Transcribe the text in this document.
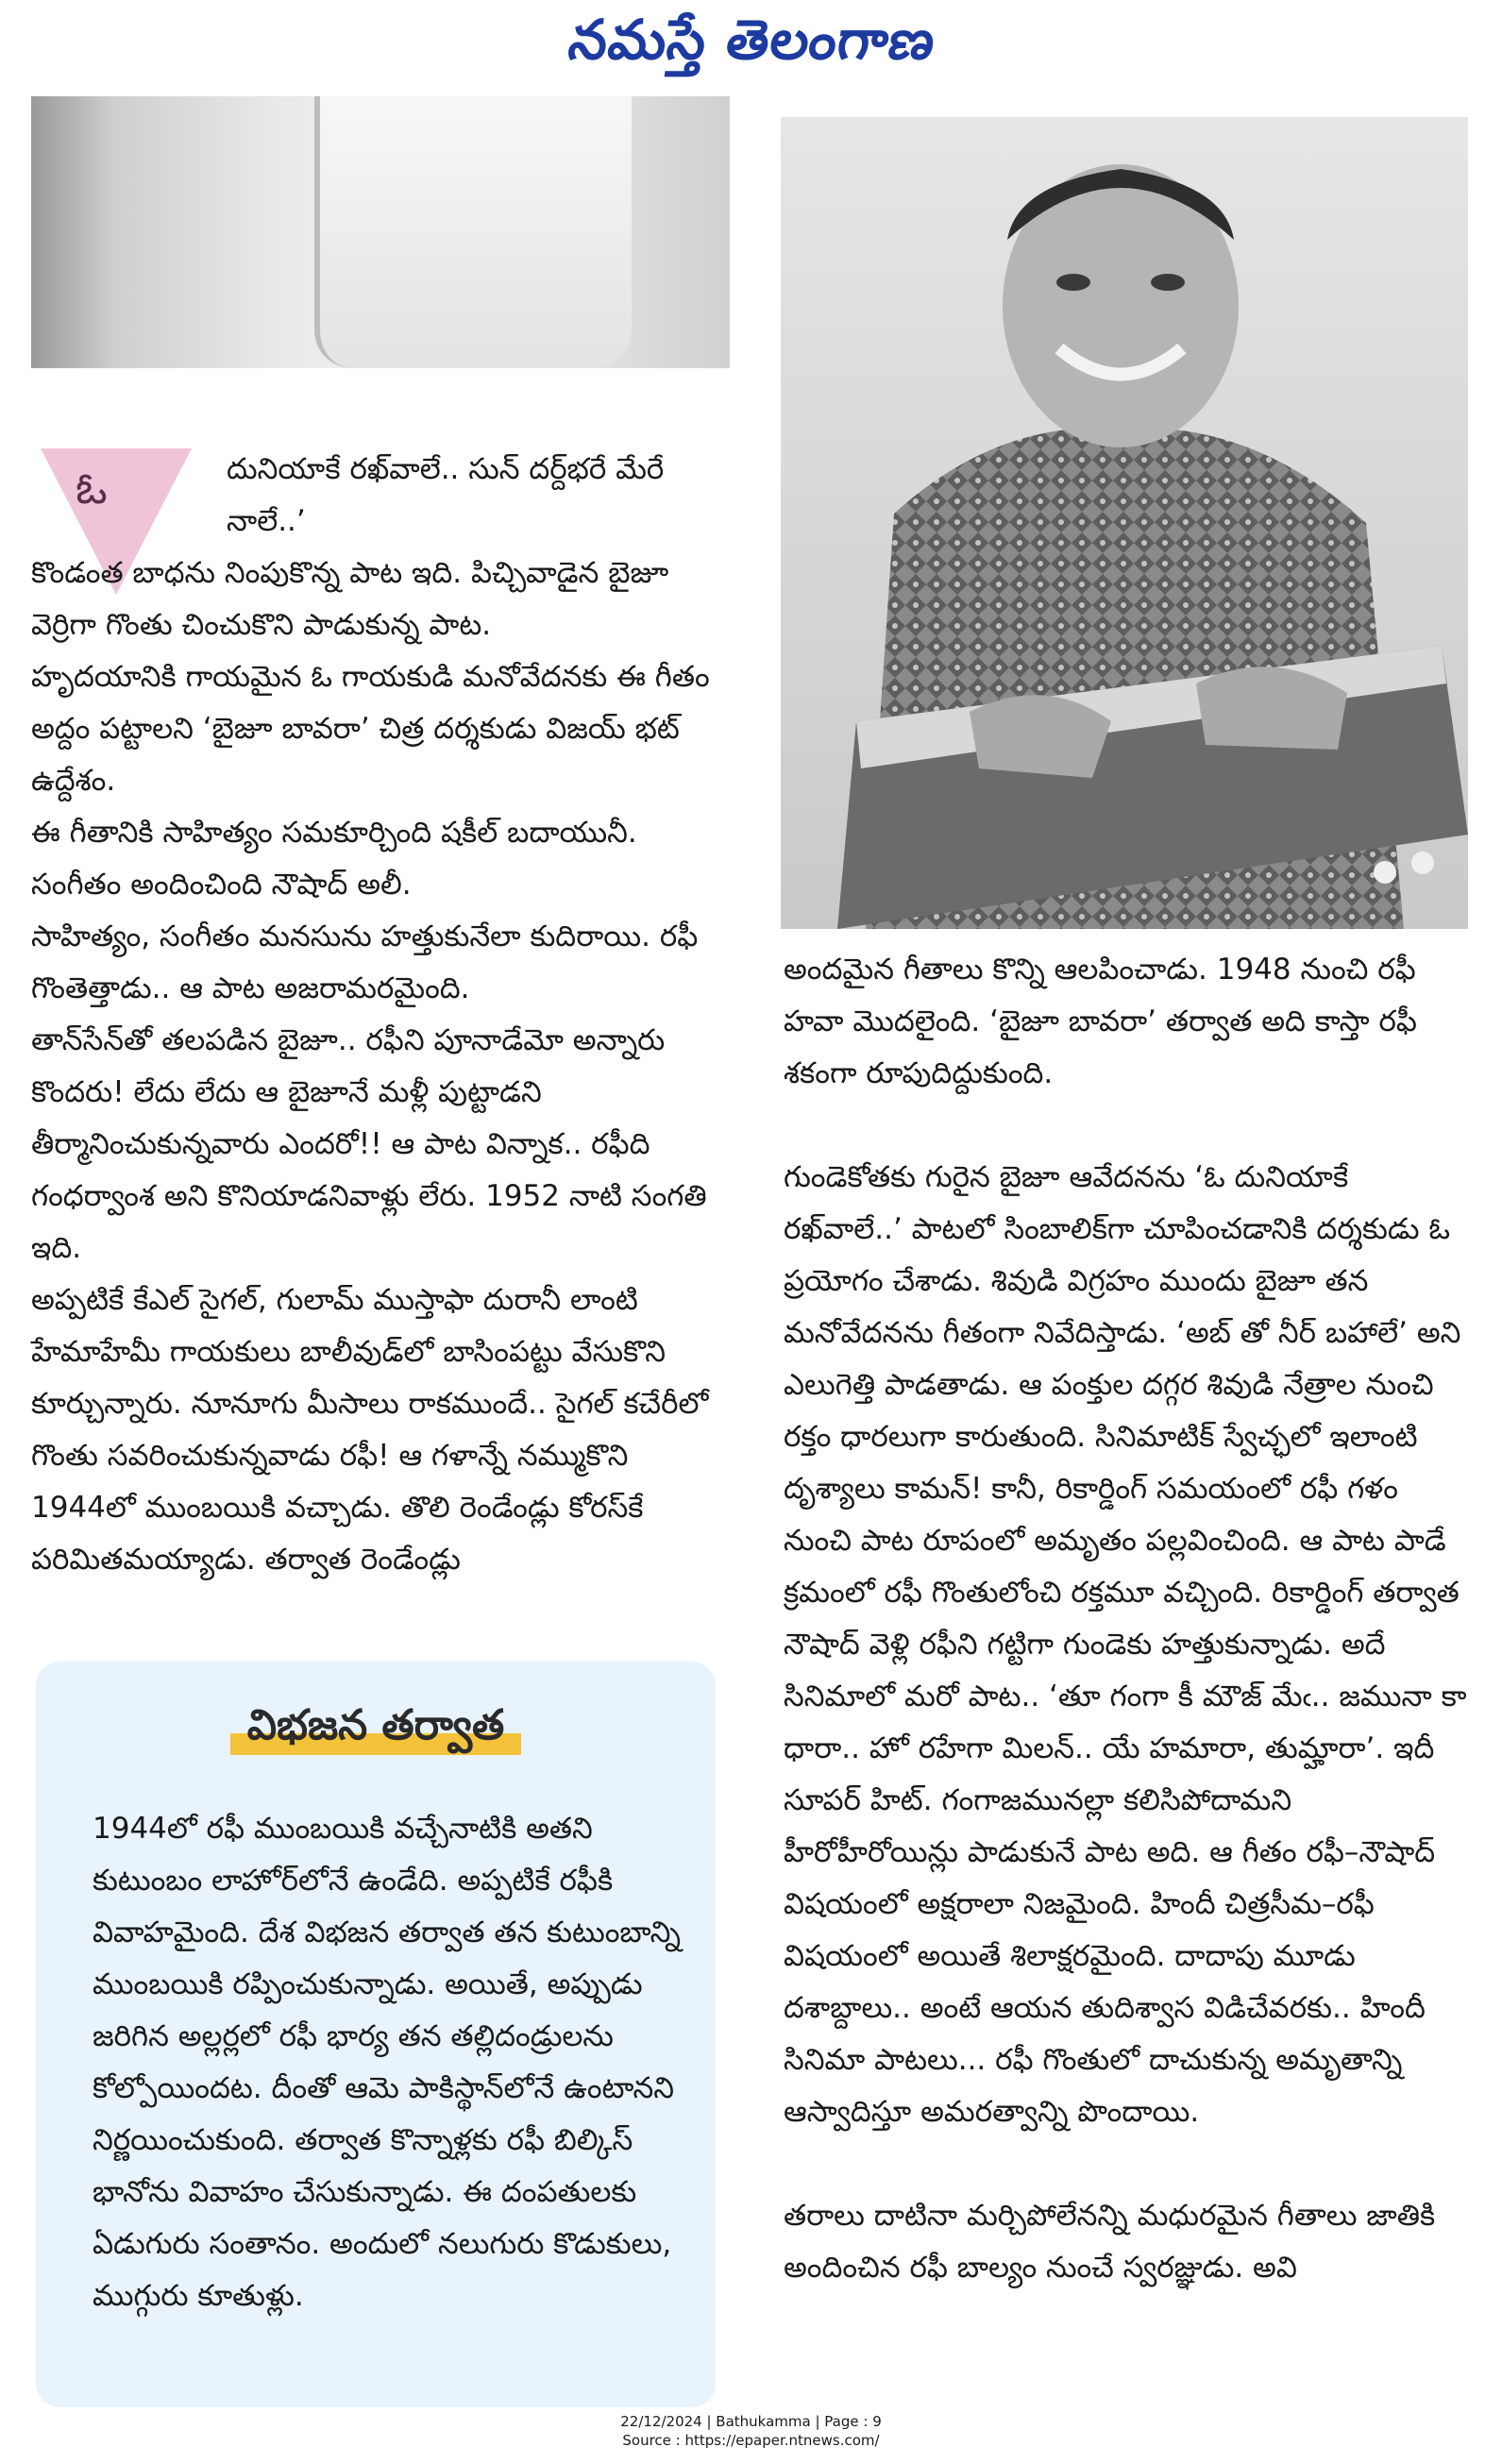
నమస్తే తెలంగాణ
ఓ	దునియాకే రఖ్‌వాలే.. సున్ దర్ద్‌భరే మేరే నాలే..’

కొండంత బాధను నింపుకొన్న పాట ఇది. పిచ్చివాడైన బైజూ వెర్రిగా గొంతు చించుకొని పాడుకున్న పాట.

హృదయానికి గాయమైన ఓ గాయకుడి మనోవేదనకు ఈ గీతం అద్దం పట్టాలని ‘బైజూ బావరా’ చిత్ర దర్శకుడు విజయ్ భట్ ఉద్దేశం.

ఈ గీతానికి సాహిత్యం సమకూర్చింది షకీల్ బదాయునీ. సంగీతం అందించింది నౌషాద్ అలీ.

సాహిత్యం, సంగీతం మనసును హత్తుకునేలా కుదిరాయి. రఫీ గొంతెత్తాడు.. ఆ పాట అజరామరమైంది.

తాన్‌సేన్‌తో తలపడిన బైజూ.. రఫీని పూనాడేమో అన్నారు కొందరు! లేదు లేదు ఆ బైజూనే మళ్లీ పుట్టాడని తీర్మానించుకున్నవారు ఎందరో!! ఆ పాట విన్నాక.. రఫీది గంధర్వాంశ అని కొనియాడనివాళ్లు లేరు. 1952 నాటి సంగతి ఇది.

అప్పటికే కేఎల్ సైగల్, గులామ్ ముస్తాఫా దురానీ లాంటి హేమాహేమీ గాయకులు బాలీవుడ్‌లో బాసింపట్టు వేసుకొని కూర్చున్నారు. నూనూగు మీసాలు రాకముందే.. సైగల్ కచేరీలో గొంతు సవరించుకున్నవాడు రఫీ! ఆ గళాన్నే నమ్ముకొని 1944లో ముంబయికి వచ్చాడు. తొలి రెండేండ్లు కోరస్‌కే పరిమితమయ్యాడు. తర్వాత రెండేండ్లు

విభజన తర్వాత
1944లో రఫీ ముంబయికి వచ్చేనాటికి అతని కుటుంబం లాహోర్‌లోనే ఉండేది. అప్పటికే రఫీకి వివాహమైంది. దేశ విభజన తర్వాత తన కుటుంబాన్ని ముంబయికి రప్పించుకున్నాడు. అయితే, అప్పుడు జరిగిన అల్లర్లలో రఫీ భార్య తన తల్లిదండ్రులను కోల్పోయిందట. దీంతో ఆమె పాకిస్థాన్‌లోనే ఉంటానని నిర్ణయించుకుంది. తర్వాత కొన్నాళ్లకు రఫీ బిల్కిస్ భానోను వివాహం చేసుకున్నాడు. ఈ దంపతులకు ఏడుగురు సంతానం. అందులో నలుగురు కొడుకులు, ముగ్గురు కూతుళ్లు.

అందమైన గీతాలు కొన్ని ఆలపించాడు. 1948 నుంచి రఫీ హవా మొదలైంది. ‘బైజూ బావరా’ తర్వాత అది కాస్తా రఫీ శకంగా రూపుదిద్దుకుంది.

గుండెకోతకు గురైన బైజూ ఆవేదనను ‘ఓ దునియాకే రఖ్‌వాలే..’ పాటలో సింబాలిక్‌గా చూపించడానికి దర్శకుడు ఓ ప్రయోగం చేశాడు. శివుడి విగ్రహం ముందు బైజూ తన మనోవేదనను గీతంగా నివేదిస్తాడు. ‘అబ్ తో నీర్ బహాలే’ అని ఎలుగెత్తి పాడతాడు. ఆ పంక్తుల దగ్గర శివుడి నేత్రాల నుంచి రక్తం ధారలుగా కారుతుంది. సినిమాటిక్ స్వేచ్ఛలో ఇలాంటి దృశ్యాలు కామన్! కానీ, రికార్డింగ్ సమయంలో రఫీ గళం నుంచి పాట రూపంలో అమృతం పల్లవించింది. ఆ పాట పాడే క్రమంలో రఫీ గొంతులోంచి రక్తమూ వచ్చింది. రికార్డింగ్ తర్వాత నౌషాద్ వెళ్లి రఫీని గట్టిగా గుండెకు హత్తుకున్నాడు. అదే సినిమాలో మరో పాట.. ‘తూ గంగా కీ మౌజ్ మేఁ.. జమునా కా ధారా.. హో రహేగా మిలన్.. యే హమారా, తుమ్హారా’. ఇదీ సూపర్ హిట్. గంగాజమునల్లా కలిసిపోదామని హీరోహీరోయిన్లు పాడుకునే పాట అది. ఆ గీతం రఫీ–నౌషాద్ విషయంలో అక్షరాలా నిజమైంది. హిందీ చిత్రసీమ–రఫీ విషయంలో అయితే శిలాక్షరమైంది. దాదాపు మూడు దశాబ్దాలు.. అంటే ఆయన తుదిశ్వాస విడిచేవరకు.. హిందీ సినిమా పాటలు... రఫీ గొంతులో దాచుకున్న అమృతాన్ని ఆస్వాదిస్తూ అమరత్వాన్ని పొందాయి.

తరాలు దాటినా మర్చిపోలేనన్ని మధురమైన గీతాలు జాతికి అందించిన రఫీ బాల్యం నుంచే స్వరజ్ఞుడు. అవి

22/12/2024 | Bathukamma | Page : 9
Source : https://epaper.ntnews.com/
